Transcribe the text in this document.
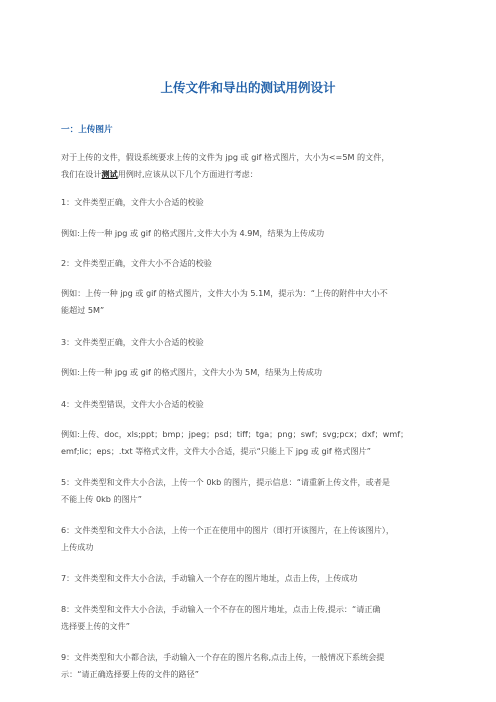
上传文件和导出的测试用例设计
一：上传图片

对于上传的文件，假设系统要求上传的文件为 jpg 或 gif 格式图片，大小为<=5M 的文件，
我们在设计测试用例时,应该从以下几个方面进行考虑：

1：文件类型正确，文件大小合适的校验

例如:上传一种 jpg 或 gif 的格式图片,文件大小为 4.9M，结果为上传成功

2：文件类型正确，文件大小不合适的校验

例如：上传一种 jpg 或 gif 的格式图片，文件大小为 5.1M，提示为：“上传的附件中大小不
能超过 5M”

3：文件类型正确，文件大小合适的校验

例如:上传一种 jpg 或 gif 的格式图片，文件大小为 5M，结果为上传成功

4：文件类型错误，文件大小合适的校验

例如:上传、doc，xls;ppt；bmp；jpeg；psd；tiff；tga；png；swf；svg;pcx；dxf；wmf；
emf;lic；eps；.txt 等格式文件，文件大小合适，提示“只能上下 jpg 或 gif 格式图片”

5：文件类型和文件大小合法，上传一个 0kb 的图片，提示信息：“请重新上传文件，或者是
不能上传 0kb 的图片”

6：文件类型和文件大小合法，上传一个正在使用中的图片（即打开该图片，在上传该图片），
上传成功

7：文件类型和文件大小合法，手动输入一个存在的图片地址，点击上传，上传成功

8：文件类型和文件大小合法，手动输入一个不存在的图片地址，点击上传,提示：“请正确
选择要上传的文件”

9：文件类型和大小都合法，手动输入一个存在的图片名称,点击上传，一般情况下系统会提
示：“请正确选择要上传的文件的路径”
